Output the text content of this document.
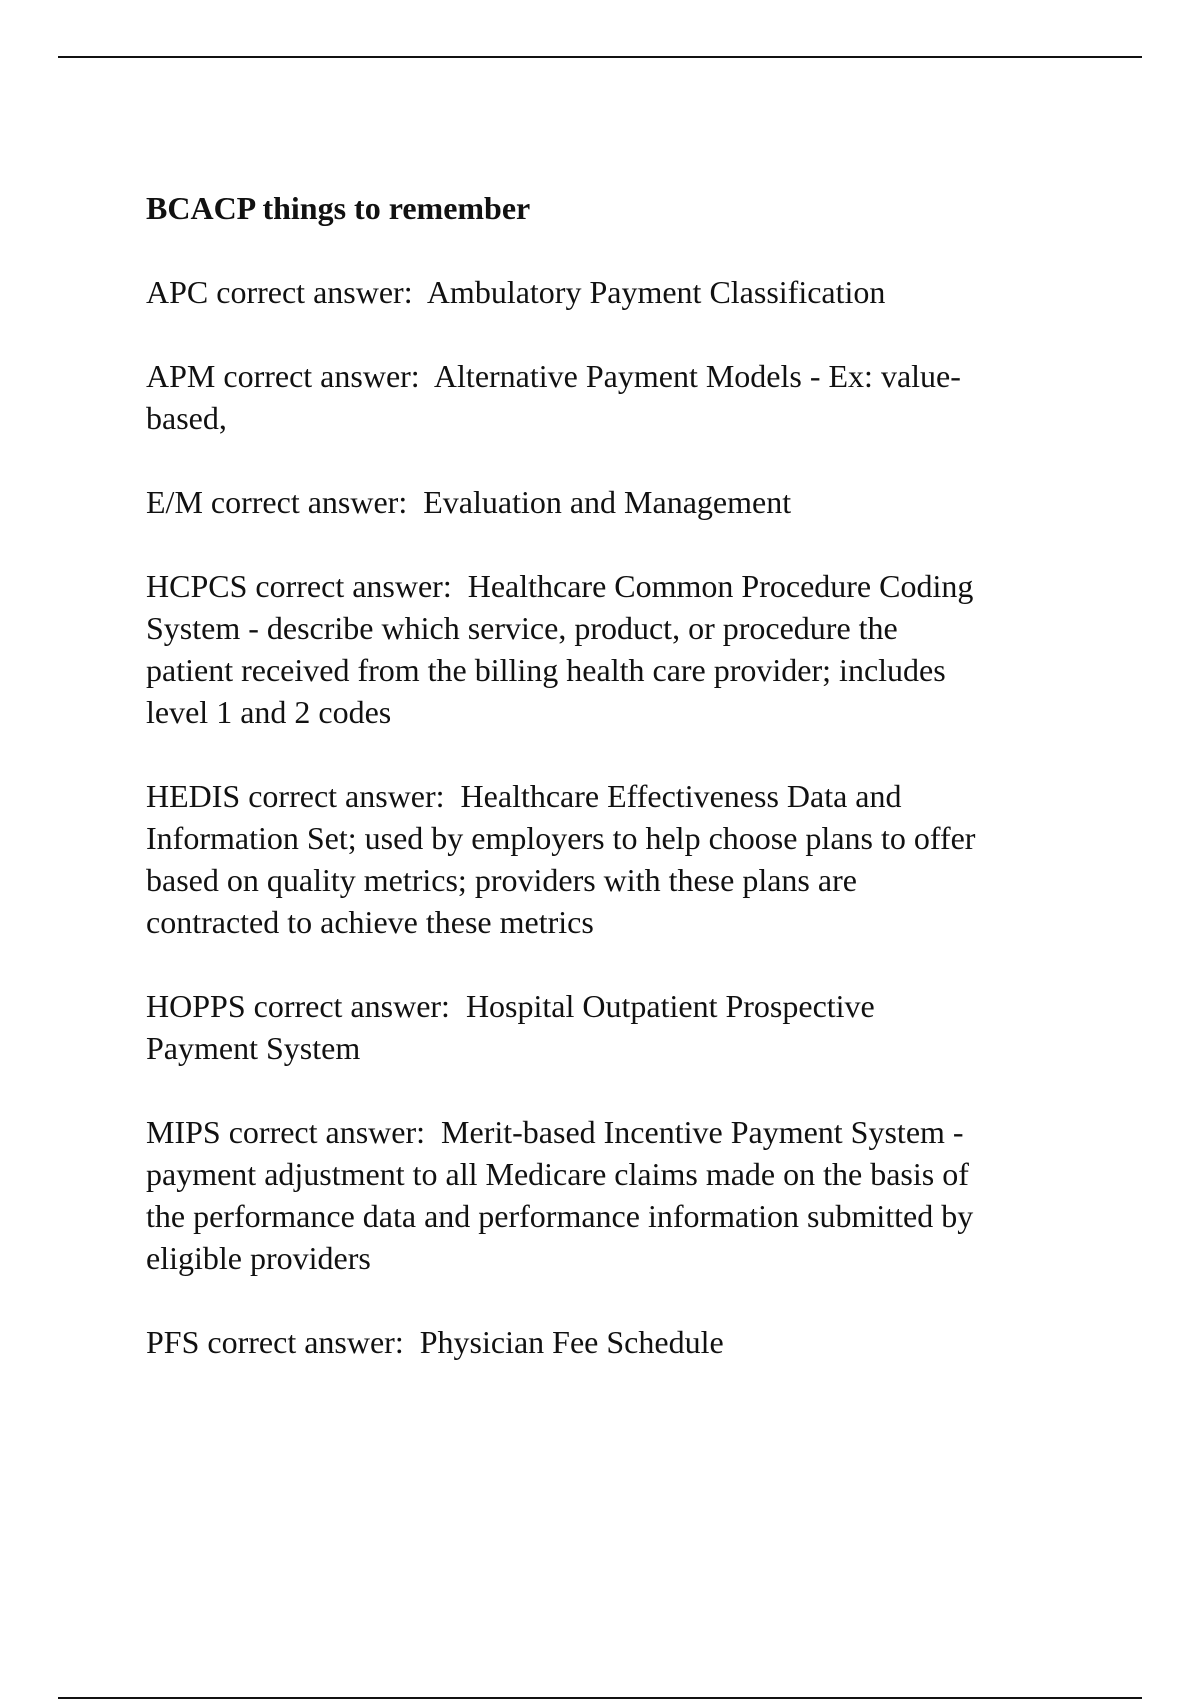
BCACP things to remember
APC correct answer:  Ambulatory Payment Classification
APM correct answer:  Alternative Payment Models - Ex: value-
based,
E/M correct answer:  Evaluation and Management
HCPCS correct answer:  Healthcare Common Procedure Coding
System - describe which service, product, or procedure the
patient received from the billing health care provider; includes
level 1 and 2 codes
HEDIS correct answer:  Healthcare Effectiveness Data and
Information Set; used by employers to help choose plans to offer
based on quality metrics; providers with these plans are
contracted to achieve these metrics
HOPPS correct answer:  Hospital Outpatient Prospective
Payment System
MIPS correct answer:  Merit-based Incentive Payment System -
payment adjustment to all Medicare claims made on the basis of
the performance data and performance information submitted by
eligible providers
PFS correct answer:  Physician Fee Schedule
